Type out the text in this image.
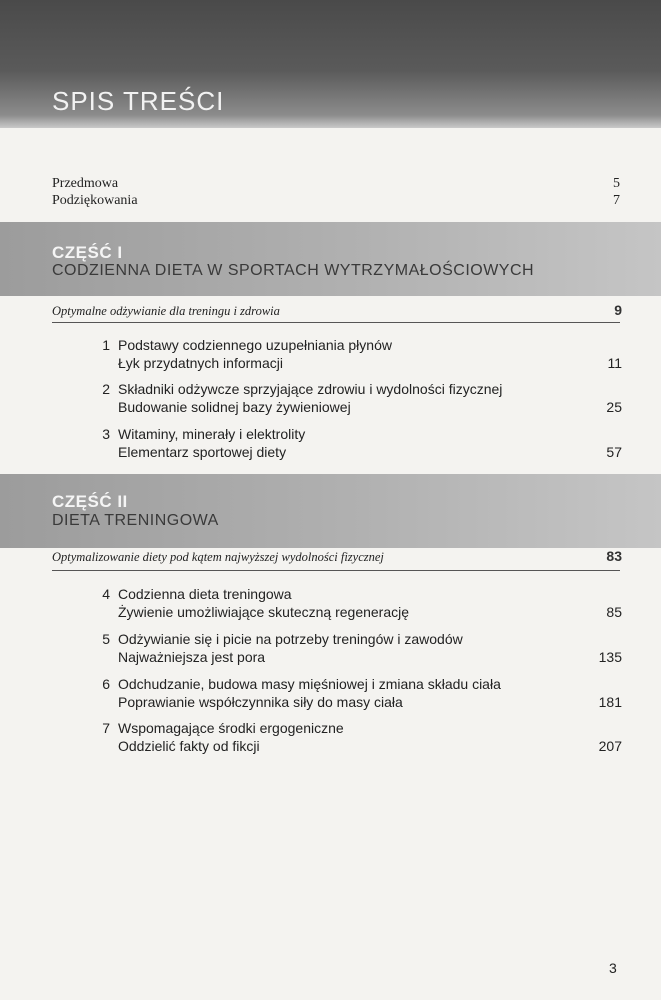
SPIS TREŚCI
Przedmowa	5
Podziękowania	7
CZĘŚĆ I
CODZIENNA DIETA W SPORTACH WYTRZYMAŁOŚCIOWYCH
Optymalne odżywianie dla treningu i zdrowia	9
1 Podstawy codziennego uzupełniania płynów
Łyk przydatnych informacji	11
2 Składniki odżywcze sprzyjające zdrowiu i wydolności fizycznej
Budowanie solidnej bazy żywieniowej	25
3 Witaminy, minerały i elektrolity
Elementarz sportowej diety	57
CZĘŚĆ II
DIETA TRENINGOWA
Optymalizowanie diety pod kątem najwyższej wydolności fizycznej	83
4 Codzienna dieta treningowa
Żywienie umożliwiające skuteczną regenerację	85
5 Odżywianie się i picie na potrzeby treningów i zawodów
Najważniejsza jest pora	135
6 Odchudzanie, budowa masy mięśniowej i zmiana składu ciała
Poprawianie współczynnika siły do masy ciała	181
7 Wspomagające środki ergogeniczne
Oddzielić fakty od fikcji	207
3
